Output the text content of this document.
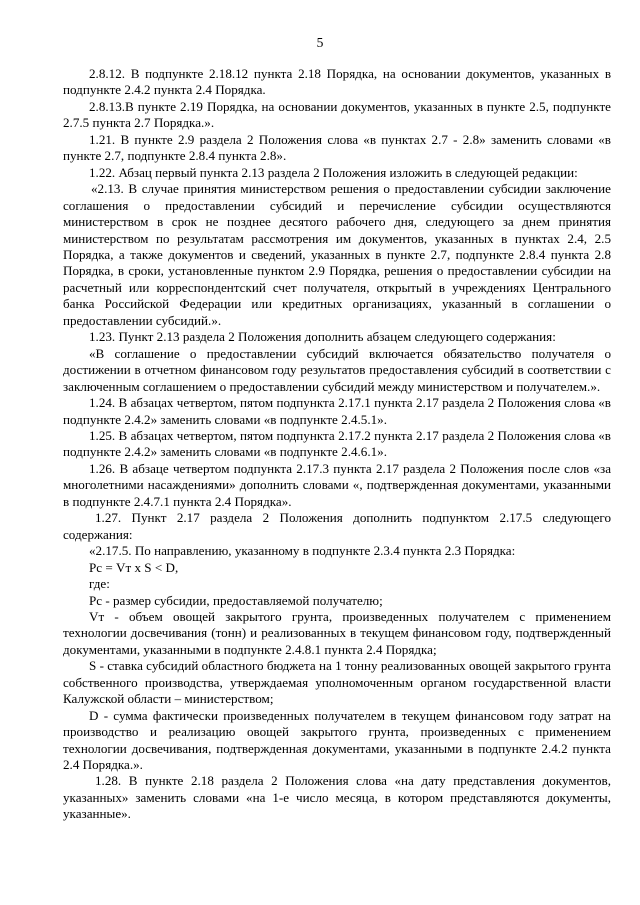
5

2.8.12. В подпункте 2.18.12 пункта 2.18 Порядка, на основании документов, указанных в подпункте 2.4.2 пункта 2.4 Порядка.

2.8.13.В пункте 2.19 Порядка, на основании документов, указанных в пункте 2.5, подпункте 2.7.5 пункта 2.7 Порядка.».

1.21. В пункте 2.9 раздела 2 Положения слова «в пунктах 2.7 - 2.8» заменить словами «в пункте 2.7, подпункте 2.8.4 пункта 2.8».

1.22. Абзац первый пункта 2.13 раздела 2 Положения изложить в следующей редакции:

«2.13. В случае принятия министерством решения о предоставлении субсидии заключение соглашения о предоставлении субсидий и перечисление субсидии осуществляются министерством в срок не позднее десятого рабочего дня, следующего за днем принятия министерством по результатам рассмотрения им документов, указанных в пунктах 2.4, 2.5 Порядка, а также документов и сведений, указанных в пункте 2.7, подпункте 2.8.4 пункта 2.8 Порядка, в сроки, установленные пунктом 2.9 Порядка, решения о предоставлении субсидии на расчетный или корреспондентский счет получателя, открытый в учреждениях Центрального банка Российской Федерации или кредитных организациях, указанный в соглашении о предоставлении субсидий.».

1.23. Пункт 2.13 раздела 2 Положения дополнить абзацем следующего содержания:

«В соглашение о предоставлении субсидий включается обязательство получателя о достижении в отчетном финансовом году результатов предоставления субсидий в соответствии с заключенным соглашением о предоставлении субсидий между министерством и получателем.».

1.24. В абзацах четвертом, пятом подпункта 2.17.1 пункта 2.17 раздела 2 Положения слова «в подпункте 2.4.2» заменить словами «в подпункте 2.4.5.1».

1.25. В абзацах четвертом, пятом подпункта 2.17.2 пункта 2.17 раздела 2 Положения слова «в подпункте 2.4.2» заменить словами «в подпункте 2.4.6.1».

1.26. В абзаце четвертом подпункта 2.17.3 пункта 2.17 раздела 2 Положения после слов «за многолетними насаждениями» дополнить словами «, подтвержденная документами, указанными в подпункте 2.4.7.1 пункта 2.4 Порядка».

1.27. Пункт 2.17 раздела 2 Положения дополнить подпунктом 2.17.5 следующего содержания:

«2.17.5. По направлению, указанному в подпункте 2.3.4 пункта 2.3 Порядка:

Рс = Vт х S < D,

где:

Рс - размер субсидии, предоставляемой получателю;

Vт - объем овощей закрытого грунта, произведенных получателем с применением технологии досвечивания (тонн) и реализованных в текущем финансовом году, подтвержденный документами, указанными в подпункте 2.4.8.1 пункта 2.4 Порядка;

S - ставка субсидий областного бюджета на 1 тонну реализованных овощей закрытого грунта собственного производства, утверждаемая уполномоченным органом государственной власти Калужской области – министерством;

D - сумма фактически произведенных получателем в текущем финансовом году затрат на производство и реализацию овощей закрытого грунта, произведенных с применением технологии досвечивания, подтвержденная документами, указанными в подпункте 2.4.2 пункта 2.4 Порядка.».

1.28. В пункте 2.18 раздела 2 Положения слова «на дату представления документов, указанных» заменить словами «на 1-е число месяца, в котором представляются документы, указанные».
